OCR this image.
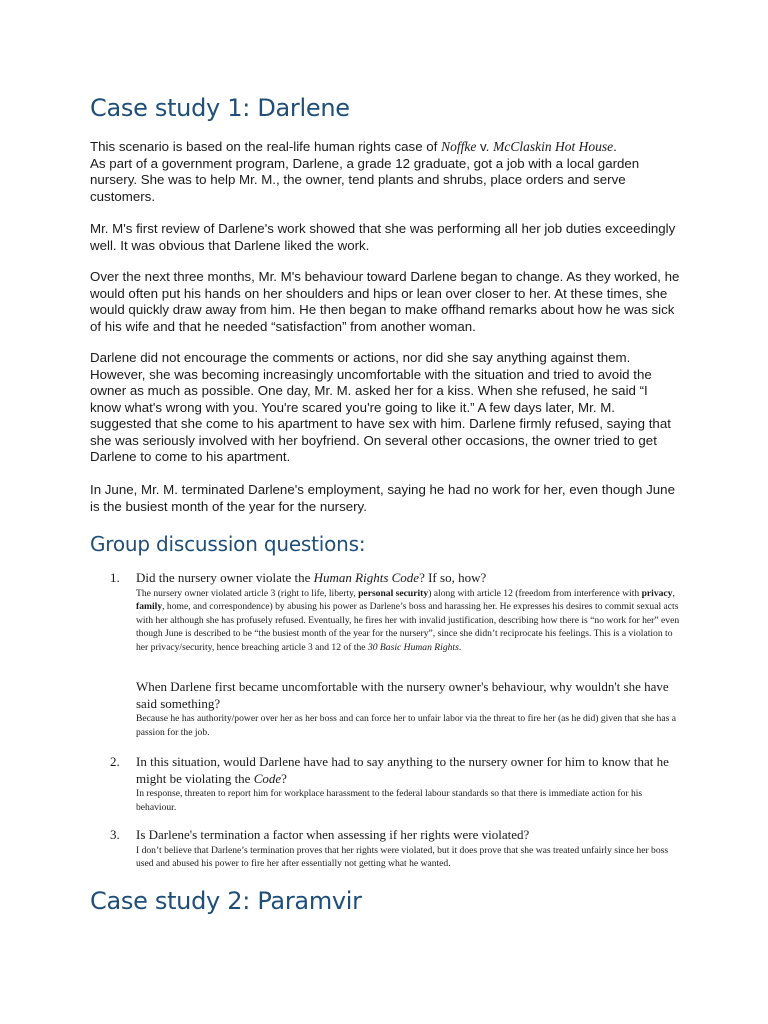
Case study 1: Darlene

This scenario is based on the real-life human rights case of Noffke v. McClaskin Hot House.

As part of a government program, Darlene, a grade 12 graduate, got a job with a local garden nursery. She was to help Mr. M., the owner, tend plants and shrubs, place orders and serve customers.

Mr. M's first review of Darlene's work showed that she was performing all her job duties exceedingly well. It was obvious that Darlene liked the work.

Over the next three months, Mr. M's behaviour toward Darlene began to change. As they worked, he would often put his hands on her shoulders and hips or lean over closer to her. At these times, she would quickly draw away from him. He then began to make offhand remarks about how he was sick of his wife and that he needed “satisfaction” from another woman.

Darlene did not encourage the comments or actions, nor did she say anything against them. However, she was becoming increasingly uncomfortable with the situation and tried to avoid the owner as much as possible. One day, Mr. M. asked her for a kiss. When she refused, he said “I know what's wrong with you. You're scared you're going to like it.” A few days later, Mr. M. suggested that she come to his apartment to have sex with him. Darlene firmly refused, saying that she was seriously involved with her boyfriend. On several other occasions, the owner tried to get Darlene to come to his apartment.

In June, Mr. M. terminated Darlene's employment, saying he had no work for her, even though June is the busiest month of the year for the nursery.

Group discussion questions:
1. Did the nursery owner violate the Human Rights Code? If so, how?
The nursery owner violated article 3 (right to life, liberty, personal security) along with article 12 (freedom from interference with privacy, family, home, and correspondence) by abusing his power as Darlene’s boss and harassing her. He expresses his desires to commit sexual acts with her although she has profusely refused. Eventually, he fires her with invalid justification, describing how there is “no work for her” even though June is described to be “the busiest month of the year for the nursery”, since she didn’t reciprocate his feelings. This is a violation to her privacy/security, hence breaching article 3 and 12 of the 30 Basic Human Rights.
When Darlene first became uncomfortable with the nursery owner's behaviour, why wouldn't she have said something?
Because he has authority/power over her as her boss and can force her to unfair labor via the threat to fire her (as he did) given that she has a passion for the job.
2. In this situation, would Darlene have had to say anything to the nursery owner for him to know that he might be violating the Code?
In response, threaten to report him for workplace harassment to the federal labour standards so that there is immediate action for his behaviour.
3. Is Darlene's termination a factor when assessing if her rights were violated?
I don’t believe that Darlene’s termination proves that her rights were violated, but it does prove that she was treated unfairly since her boss used and abused his power to fire her after essentially not getting what he wanted.
Case study 2: Paramvir
